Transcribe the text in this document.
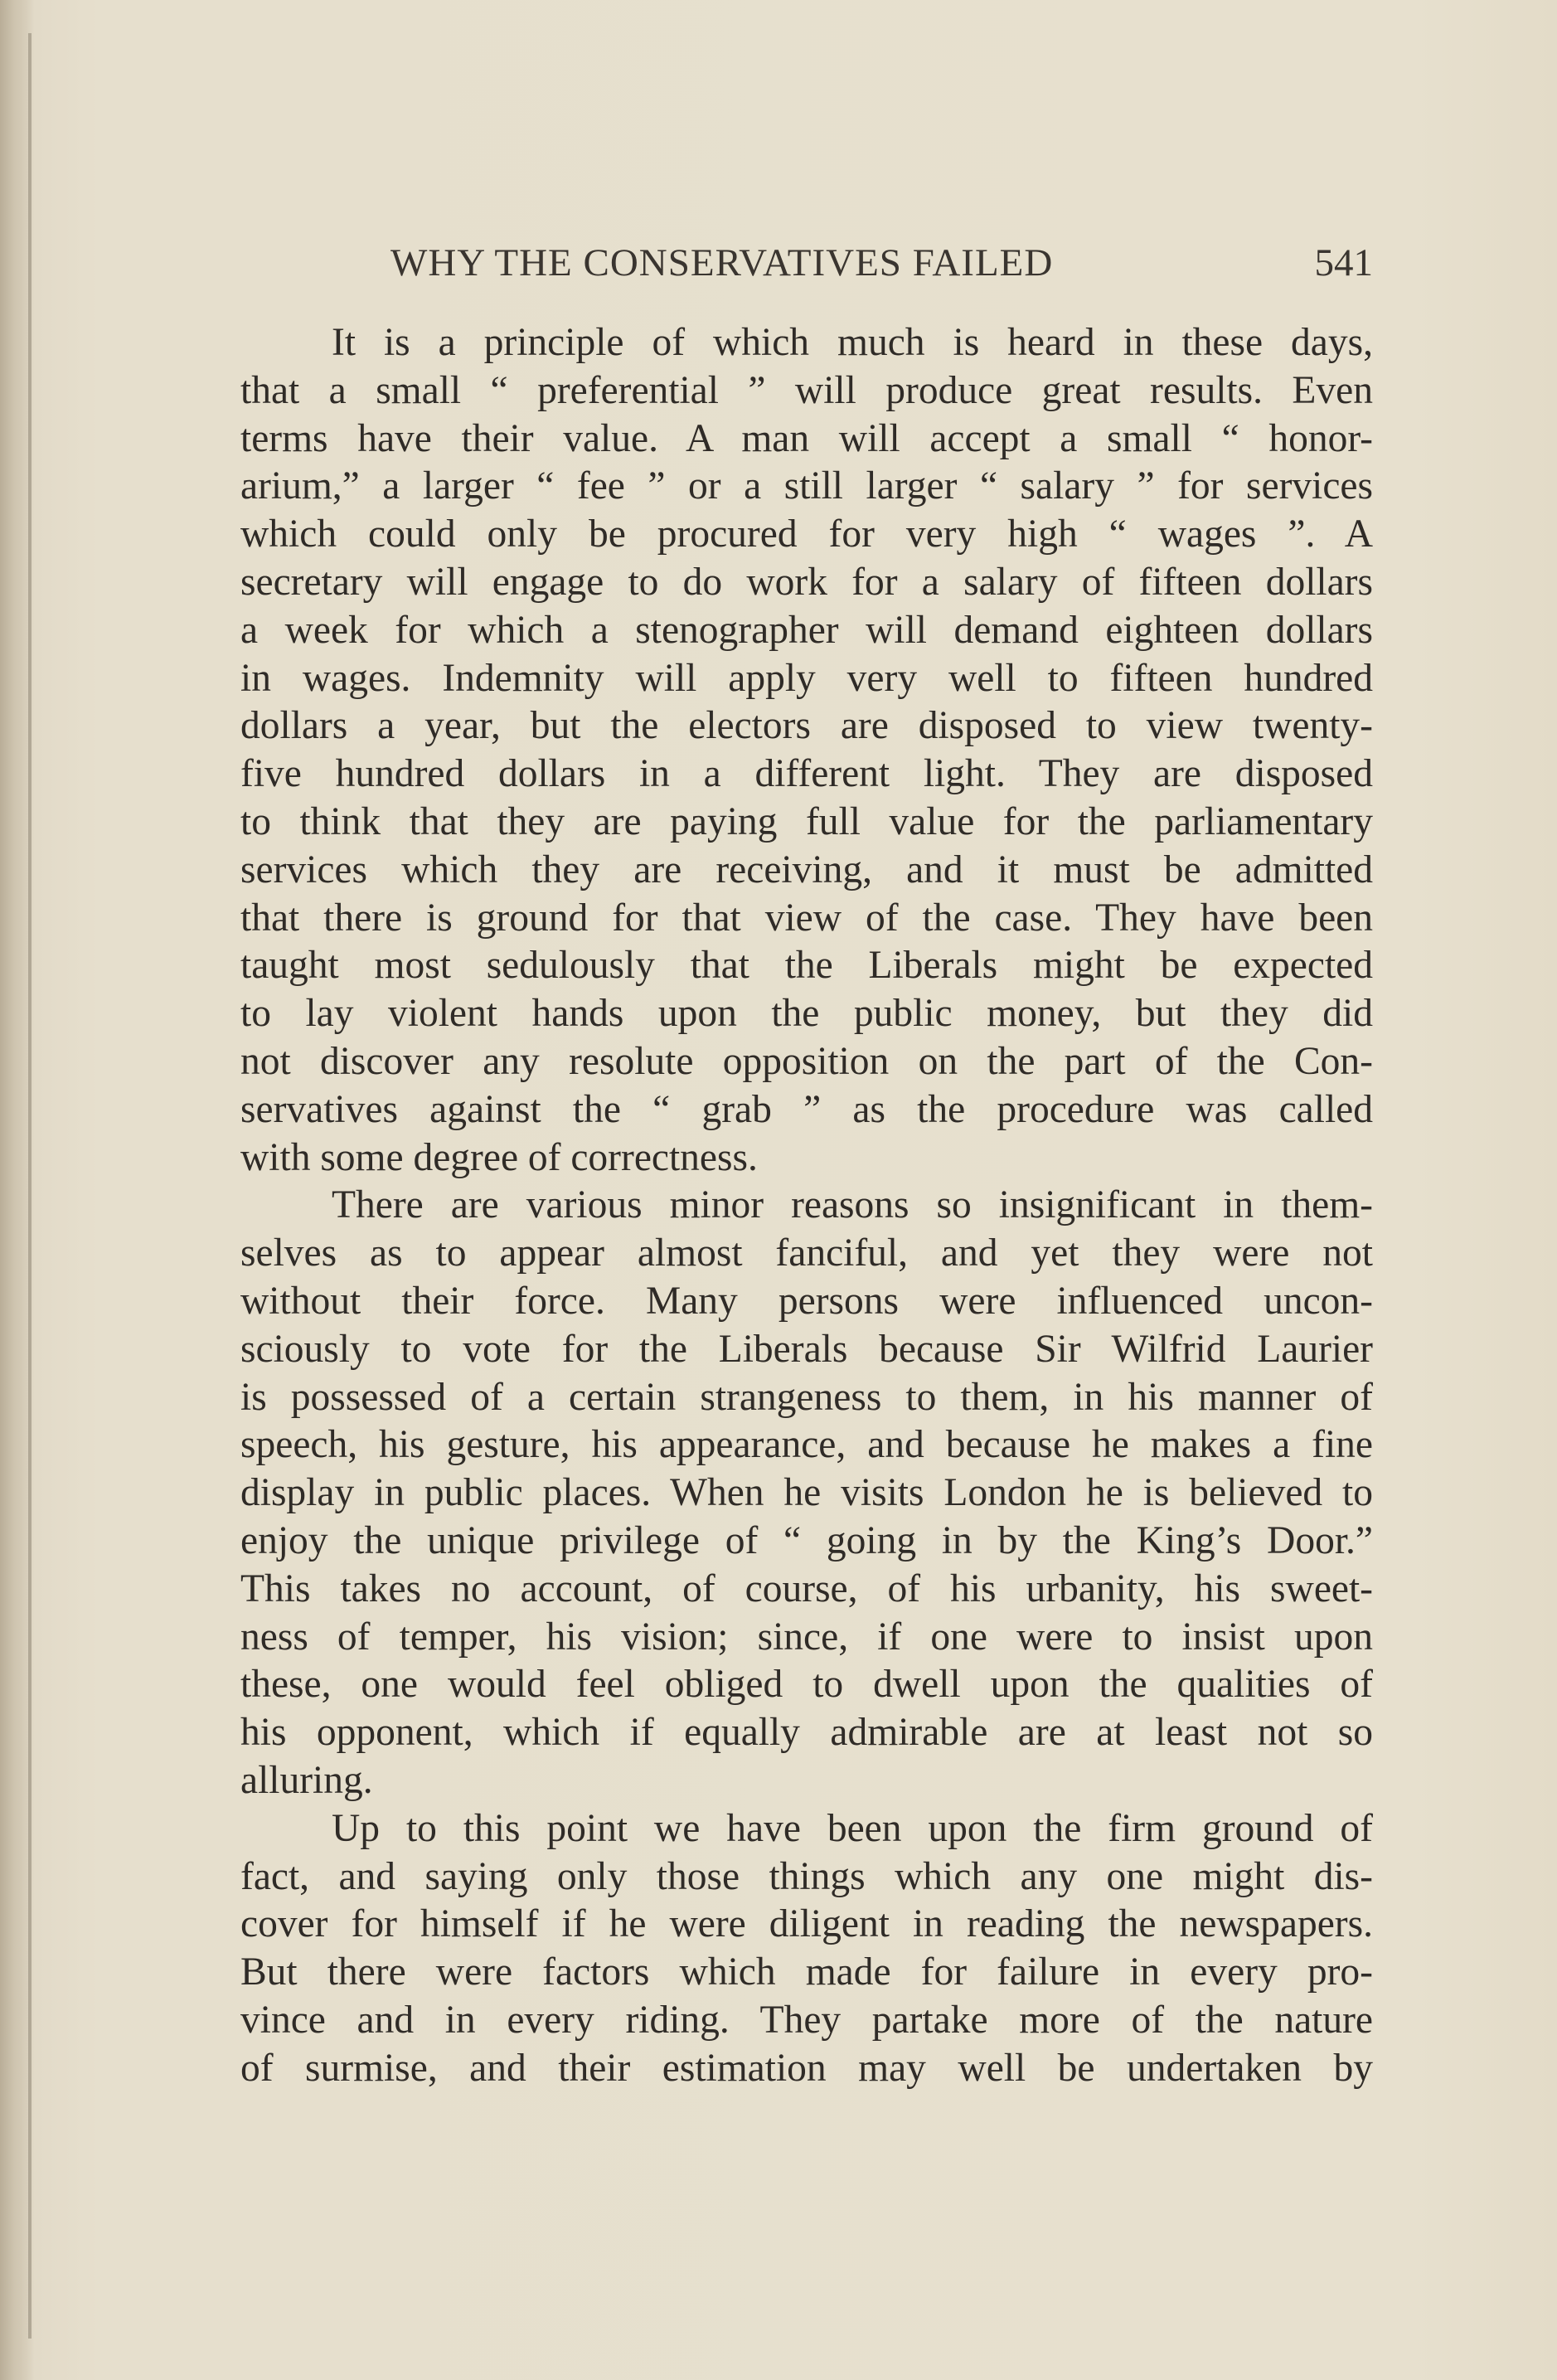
WHY THE CONSERVATIVES FAILED	541
It is a principle of which much is heard in these days,
that a small “ preferential ” will produce great results. Even
terms have their value. A man will accept a small “ honor-
arium,” a larger “ fee ” or a still larger “ salary ” for services
which could only be procured for very high “ wages ”. A
secretary will engage to do work for a salary of fifteen dollars
a week for which a stenographer will demand eighteen dollars
in wages. Indemnity will apply very well to fifteen hundred
dollars a year, but the electors are disposed to view twenty-
five hundred dollars in a different light. They are disposed
to think that they are paying full value for the parliamentary
services which they are receiving, and it must be admitted
that there is ground for that view of the case. They have been
taught most sedulously that the Liberals might be expected
to lay violent hands upon the public money, but they did
not discover any resolute opposition on the part of the Con-
servatives against the “ grab ” as the procedure was called
with some degree of correctness.
There are various minor reasons so insignificant in them-
selves as to appear almost fanciful, and yet they were not
without their force. Many persons were influenced uncon-
sciously to vote for the Liberals because Sir Wilfrid Laurier
is possessed of a certain strangeness to them, in his manner of
speech, his gesture, his appearance, and because he makes a fine
display in public places. When he visits London he is believed to
enjoy the unique privilege of “ going in by the King’s Door.”
This takes no account, of course, of his urbanity, his sweet-
ness of temper, his vision; since, if one were to insist upon
these, one would feel obliged to dwell upon the qualities of
his opponent, which if equally admirable are at least not so
alluring.
Up to this point we have been upon the firm ground of
fact, and saying only those things which any one might dis-
cover for himself if he were diligent in reading the newspapers.
But there were factors which made for failure in every pro-
vince and in every riding. They partake more of the nature
of surmise, and their estimation may well be undertaken by
